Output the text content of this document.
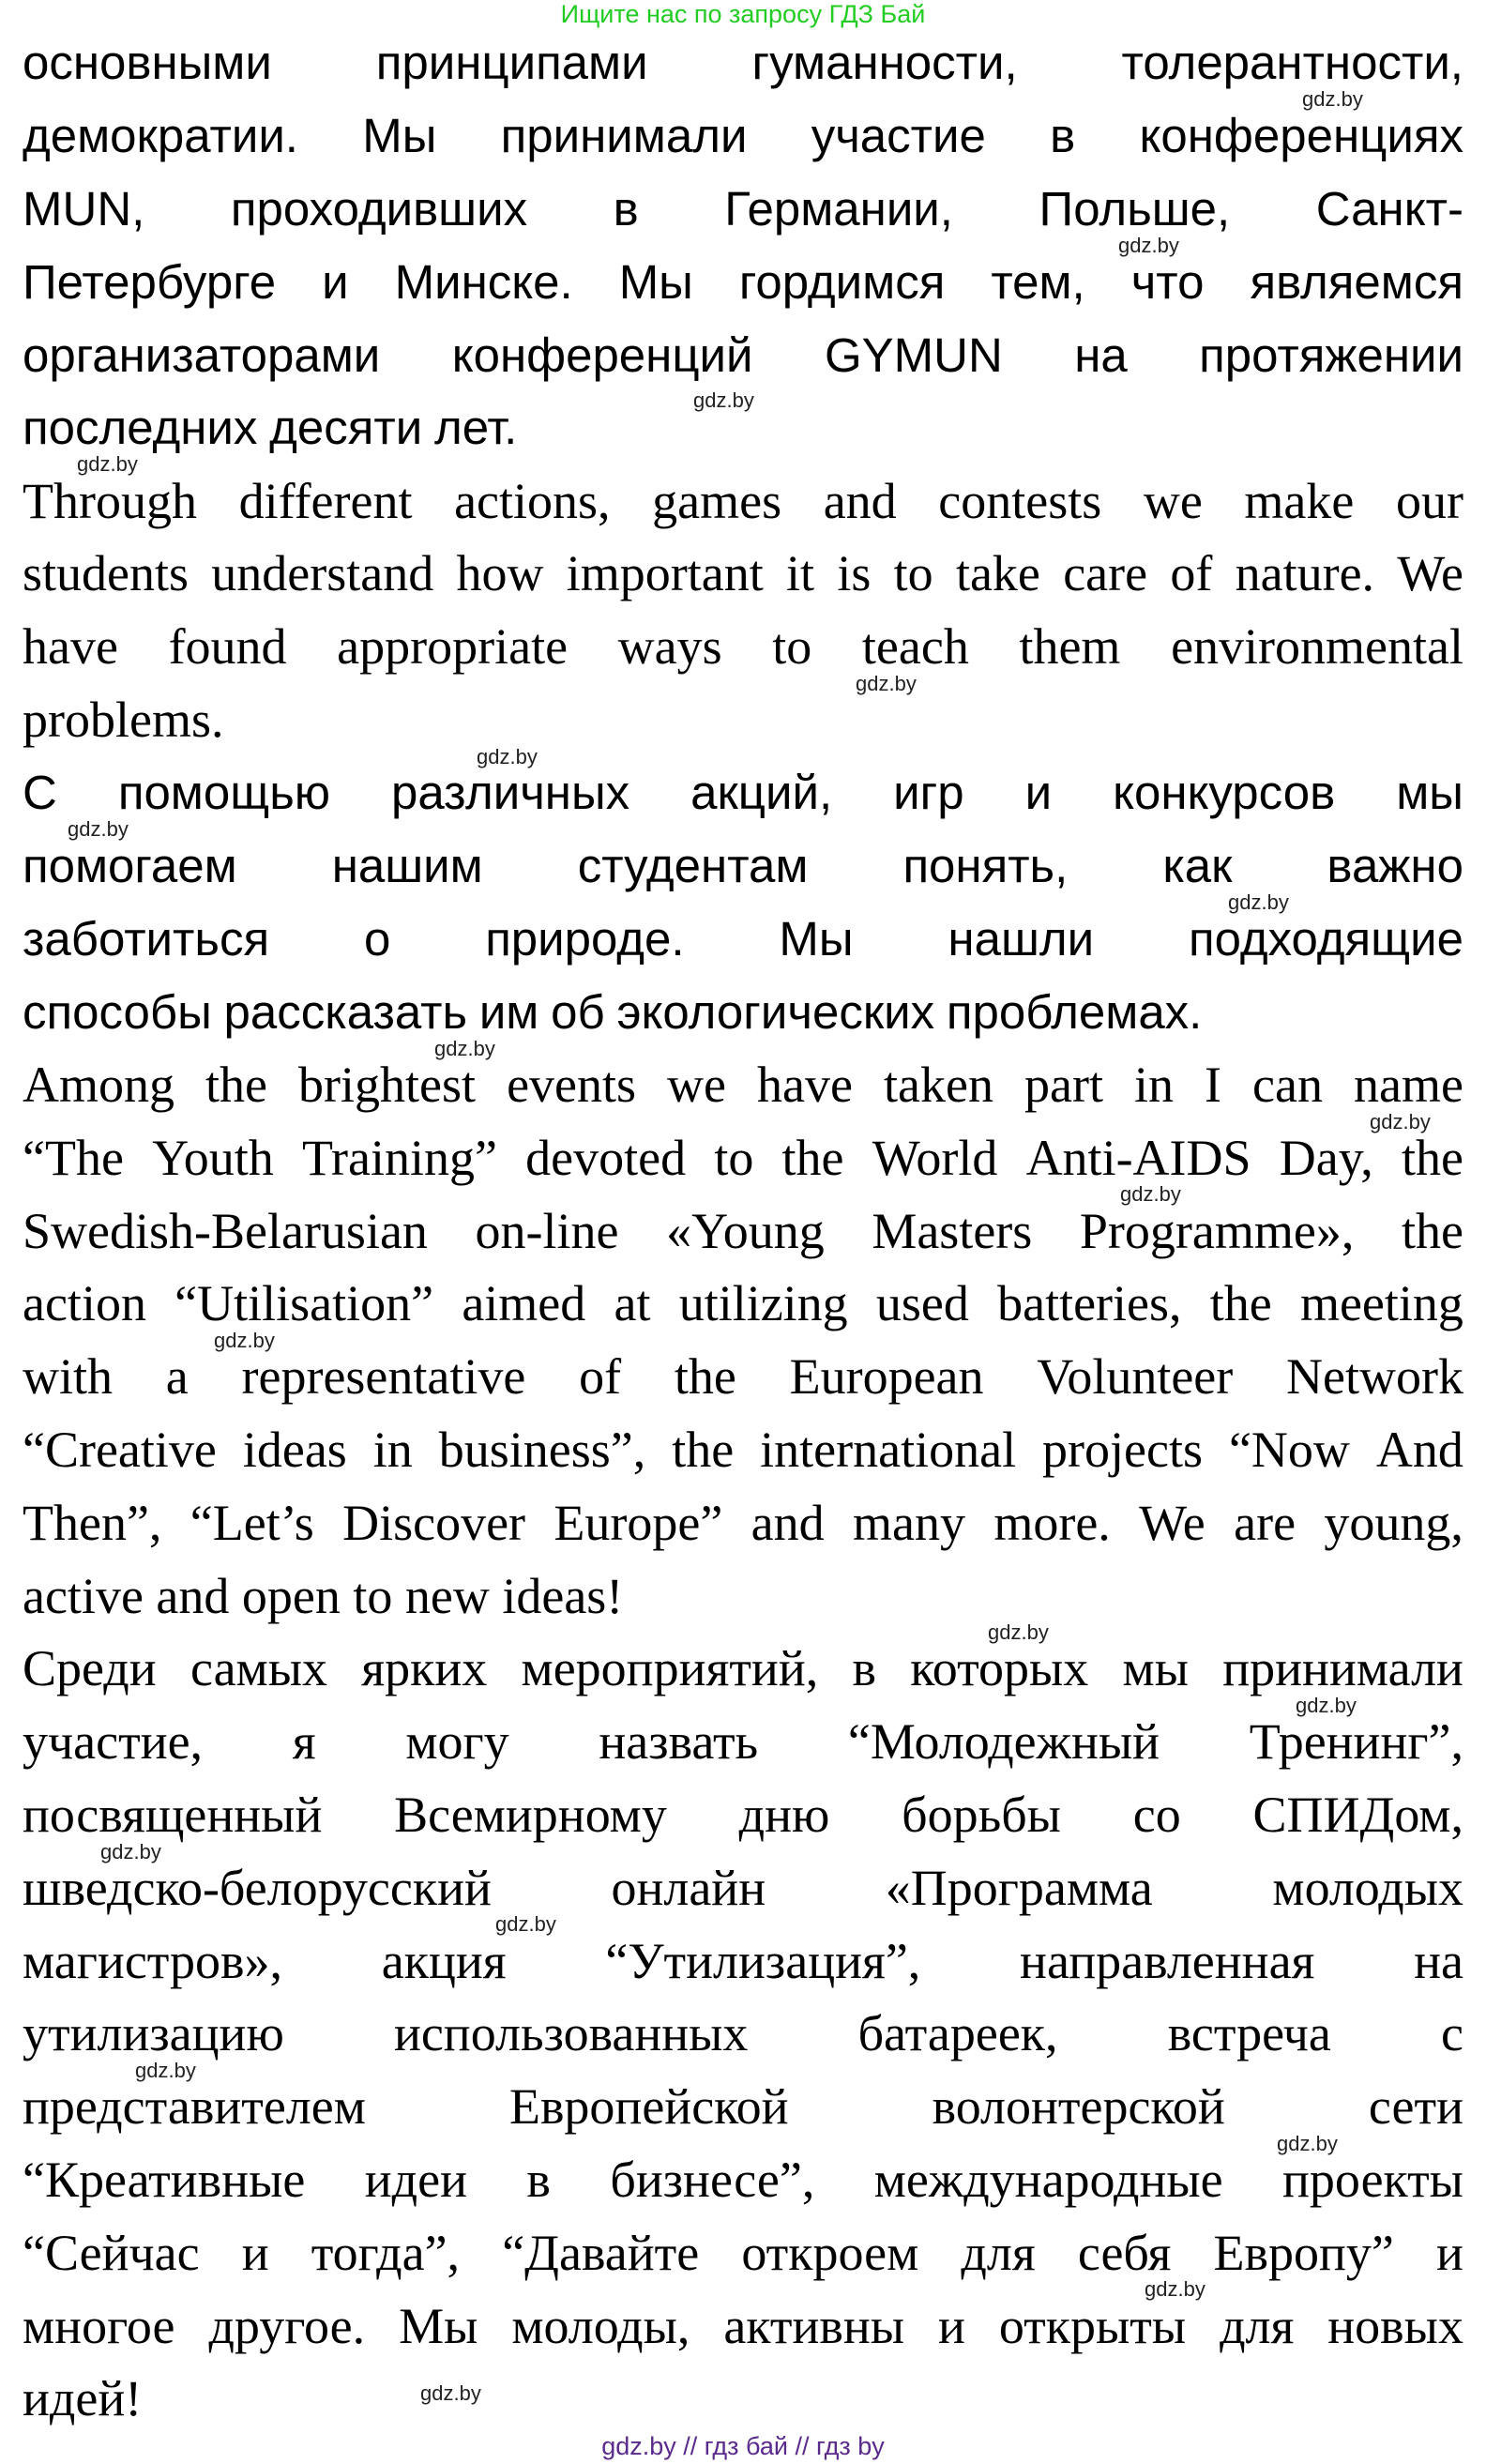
Ищите нас по запросу ГДЗ Бай
основными принципами гуманности, толерантности,
демократии. Мы принимали участие в конференциях
MUN, проходивших в Германии, Польше, Санкт-
Петербурге и Минске. Мы гордимся тем, что являемся
организаторами конференций GYMUN на протяжении
последних десяти лет.
Through different actions, games and contests we make our
students understand how important it is to take care of nature. We
have found appropriate ways to teach them environmental
problems.
С помощью различных акций, игр и конкурсов мы
помогаем нашим студентам понять, как важно
заботиться о природе. Мы нашли подходящие
способы рассказать им об экологических проблемах.
Among the brightest events we have taken part in I can name
“The Youth Training” devoted to the World Anti-AIDS Day, the
Swedish-Belarusian on-line «Young Masters Programme», the
action “Utilisation” aimed at utilizing used batteries, the meeting
with a representative of the European Volunteer Network
“Creative ideas in business”, the international projects “Now And
Then”, “Let’s Discover Europe” and many more. We are young,
active and open to new ideas!
Среди самых ярких мероприятий, в которых мы принимали
участие, я могу назвать “Молодежный Тренинг”,
посвященный Всемирному дню борьбы со СПИДом,
шведско-белорусский онлайн «Программа молодых
магистров», акция “Утилизация”, направленная на
утилизацию использованных батареек, встреча с
представителем	Европейской	волонтерской	сети
“Креативные идеи в бизнесе”, международные проекты
“Сейчас и тогда”, “Давайте откроем для себя Европу” и
многое другое. Мы молоды, активны и открыты для новых
идей!
gdz.by
gdz.by
gdz.by
gdz.by
gdz.by
gdz.by
gdz.by
gdz.by
gdz.by
gdz.by
gdz.by
gdz.by
gdz.by
gdz.by
gdz.by
gdz.by
gdz.by
gdz.by
gdz.by
gdz.by
gdz.by // гдз бай // гдз by
